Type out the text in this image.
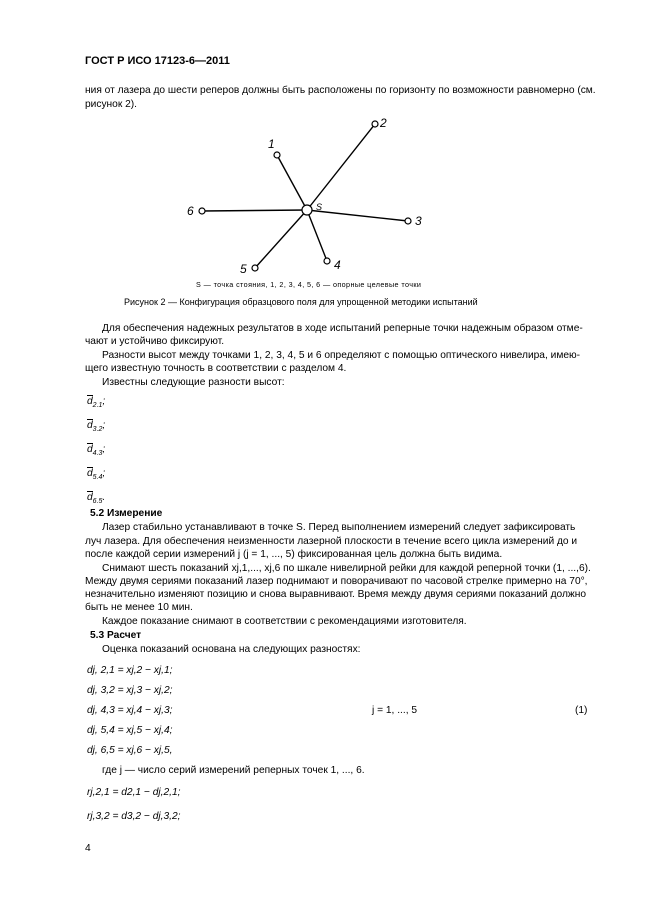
ГОСТ Р ИСО 17123-6—2011
ния от лазера до шести реперов должны быть расположены по горизонту по возможности равномерно (см.
рисунок 2).
S
1
2
3
4
5
6
S — точка стояния, 1, 2, 3, 4, 5, 6 — опорные целевые точки
Рисунок 2 — Конфигурация образцового поля для упрощенной методики испытаний
Для обеспечения надежных результатов в ходе испытаний реперные точки надежным образом отме-
чают и устойчиво фиксируют.
Разности высот между точками 1, 2, 3, 4, 5 и 6 определяют с помощью оптического нивелира, имею-
щего известную точность в соответствии с разделом 4.
Известны следующие разности высот:
$d_{2.1}$;
$d_{3.2}$;
$d_{4.3}$;
$d_{5.4}$;
$d_{6.5}$.
5.2 Измерение
Лазер стабильно устанавливают в точке S. Перед выполнением измерений следует зафиксировать
луч лазера. Для обеспечения неизменности лазерной плоскости в течение всего цикла измерений до и
после каждой серии измерений j (j = 1, ..., 5) фиксированная цель должна быть видима.
Снимают шесть показаний xj,1,..., xj,6 по шкале нивелирной рейки для каждой реперной точки (1, ...,6).
Между двумя сериями показаний лазер поднимают и поворачивают по часовой стрелке примерно на 70°,
незначительно изменяют позицию и снова выравнивают. Время между двумя сериями показаний должно
быть не менее 10 мин.
Каждое показание снимают в соответствии с рекомендациями изготовителя.
5.3 Расчет
Оценка показаний основана на следующих разностях:
dj, 2,1 = xj,2 − xj,1;
dj, 3,2 = xj,3 − xj,2;
dj, 4,3 = xj,4 − xj,3;
dj, 5,4 = xj,5 − xj,4;
dj, 6,5 = xj,6 − xj,5,
j = 1, ..., 5	(1)
где j — число серий измерений реперных точек 1, ..., 6.
rj,2,1 = d2,1 − dj,2,1;
rj,3,2 = d3,2 − dj,3,2;
4
